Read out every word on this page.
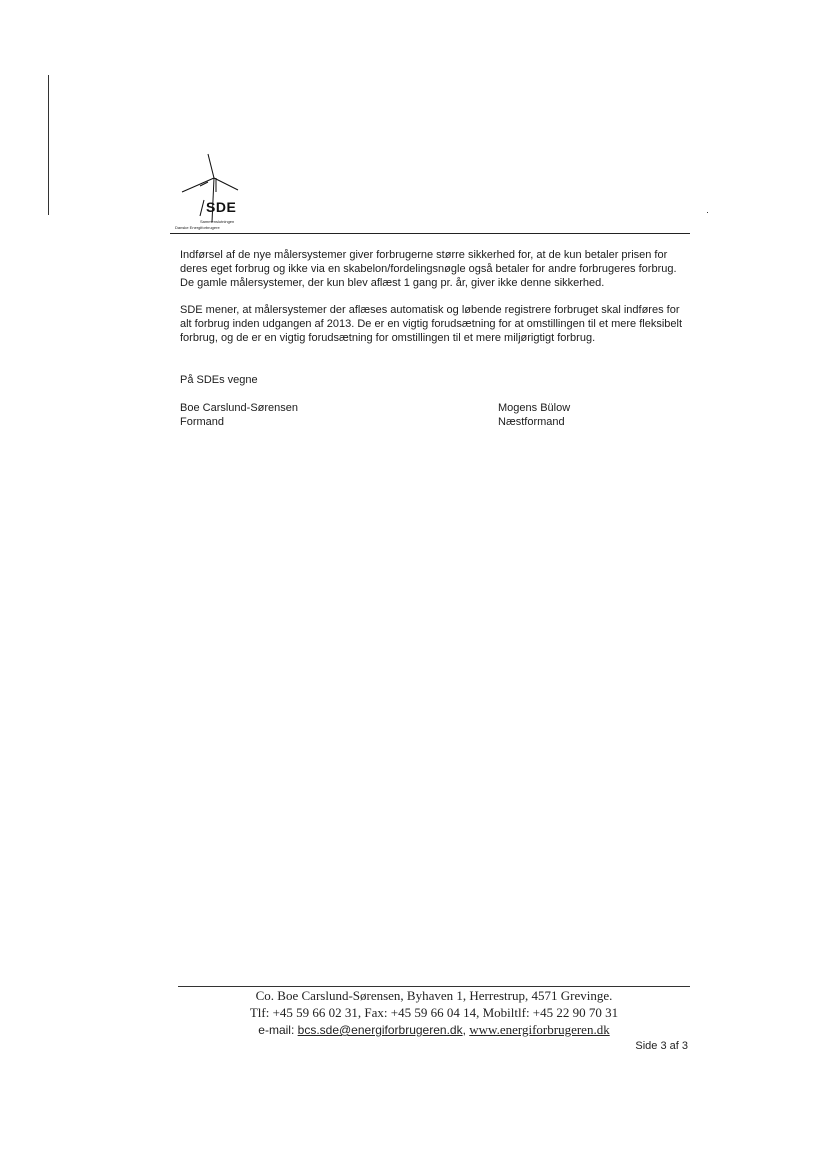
SDE
Sammenslutningen
Danske Energiforbrugere
Indførsel af de nye målersystemer giver forbrugerne større sikkerhed for, at de kun betaler prisen for deres eget forbrug og ikke via en skabelon/fordelingsnøgle også betaler for andre forbrugeres forbrug. De gamle målersystemer, der kun blev aflæst 1 gang pr. år, giver ikke denne sikkerhed.
SDE mener, at målersystemer der aflæses automatisk og løbende registrere forbruget skal indføres for alt forbrug inden udgangen af 2013. De er en vigtig forudsætning for at omstillingen til et mere fleksibelt forbrug, og de er en vigtig forudsætning for omstillingen til et mere miljørigtigt forbrug.
På SDEs vegne
Boe Carslund-Sørensen
Formand
Mogens Bülow
Næstformand
Co. Boe Carslund-Sørensen, Byhaven 1, Herrestrup, 4571 Grevinge.
Tlf: +45 59 66 02 31, Fax: +45 59 66 04 14, Mobiltlf: +45 22 90 70 31
e-mail: bcs.sde@energiforbrugeren.dk, www.energiforbrugeren.dk
Side 3 af 3
